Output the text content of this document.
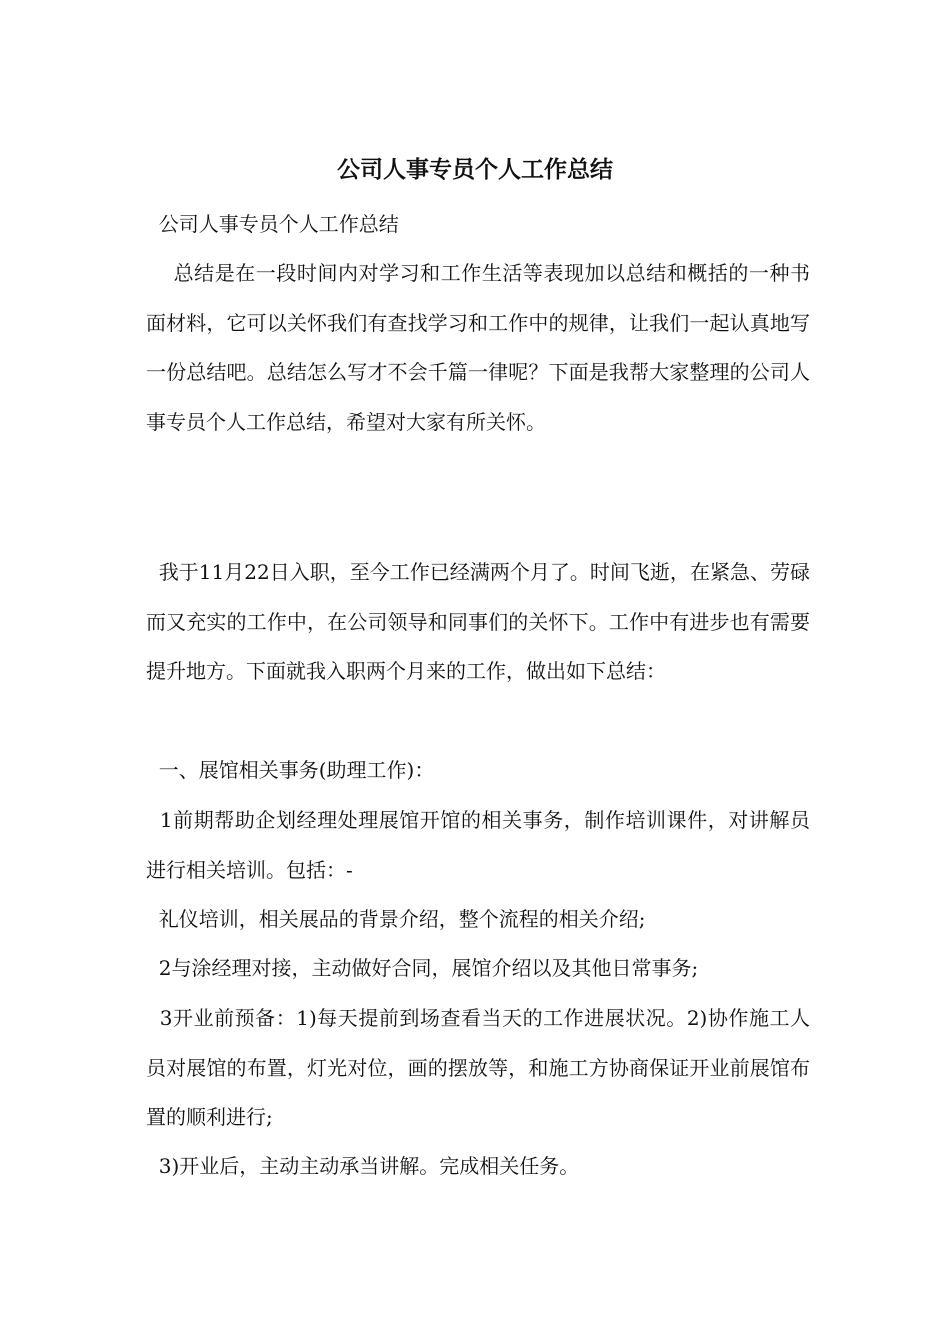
公司人事专员个人工作总结

公司人事专员个人工作总结

总结是在一段时间内对学习和工作生活等表现加以总结和概括的一种书面材料，它可以关怀我们有查找学习和工作中的规律，让我们一起认真地写一份总结吧。总结怎么写才不会千篇一律呢？下面是我帮大家整理的公司人事专员个人工作总结，希望对大家有所关怀。

我于11月22日入职，至今工作已经满两个月了。时间飞逝，在紧急、劳碌而又充实的工作中，在公司领导和同事们的关怀下。工作中有进步也有需要提升地方。下面就我入职两个月来的工作，做出如下总结：

一、展馆相关事务(助理工作)：

1前期帮助企划经理处理展馆开馆的相关事务，制作培训课件，对讲解员进行相关培训。包括：-

礼仪培训，相关展品的背景介绍，整个流程的相关介绍;

2与涂经理对接，主动做好合同，展馆介绍以及其他日常事务;

3开业前预备：1)每天提前到场查看当天的工作进展状况。2)协作施工人员对展馆的布置，灯光对位，画的摆放等，和施工方协商保证开业前展馆布置的顺利进行;

3)开业后，主动主动承当讲解。完成相关任务。
